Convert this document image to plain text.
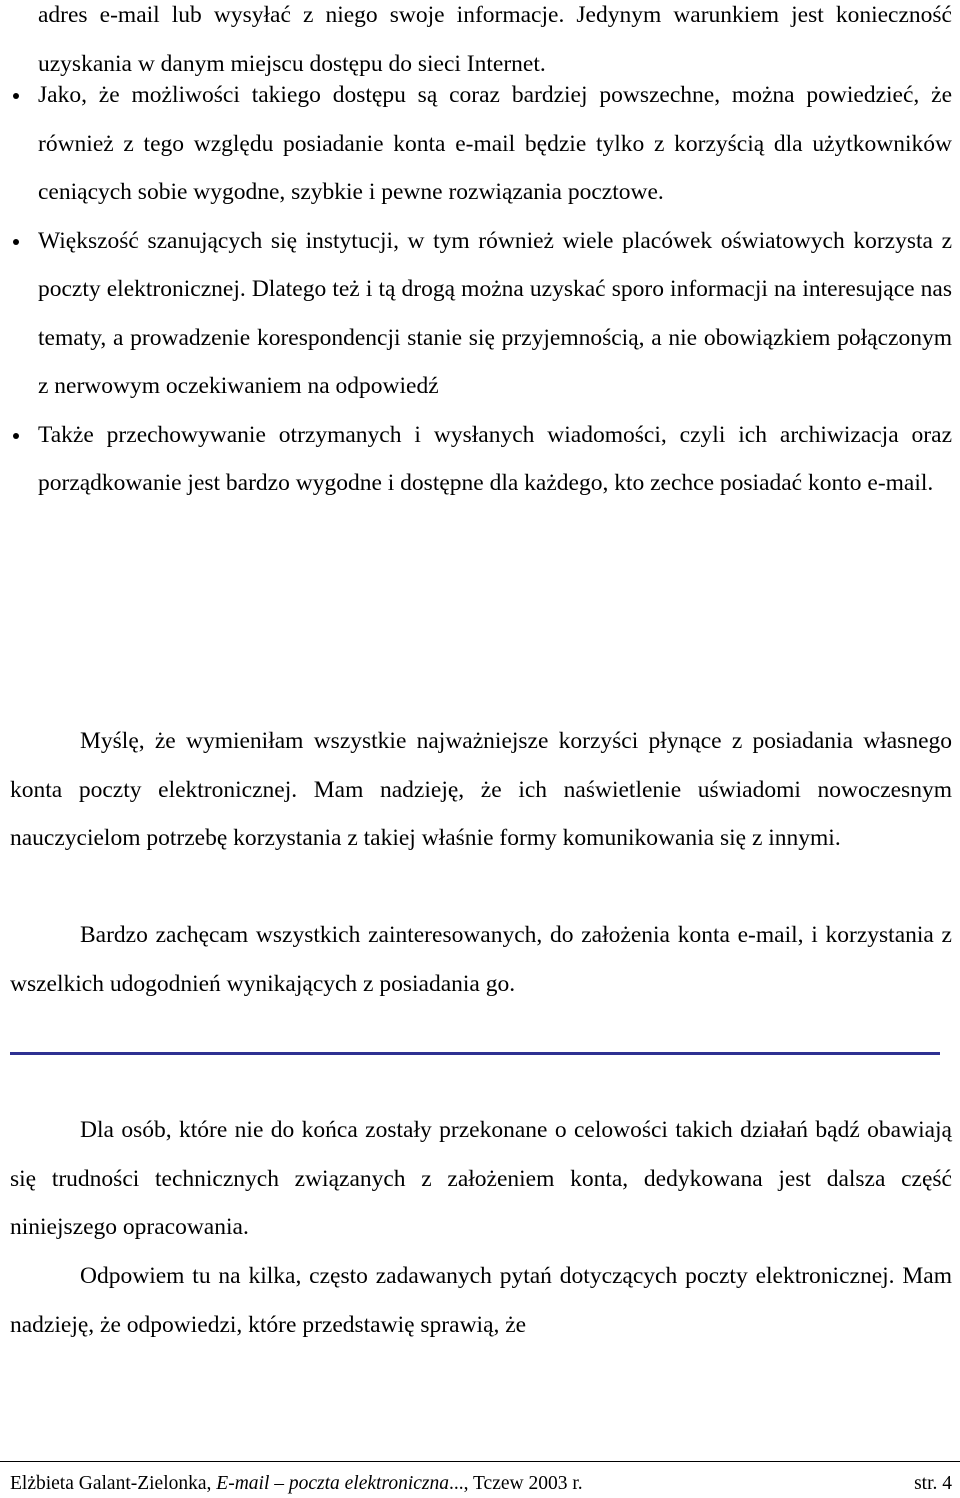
adres e-mail lub wysyłać z niego swoje informacje. Jedynym warunkiem jest konieczność uzyskania w danym miejscu dostępu do sieci Internet.

Jako, że możliwości takiego dostępu są coraz bardziej powszechne, można powiedzieć, że również z tego względu posiadanie konta e-mail będzie tylko z korzyścią dla użytkowników ceniących sobie wygodne, szybkie i pewne rozwiązania pocztowe.

Większość szanujących się instytucji, w tym również wiele placówek oświatowych korzysta z poczty elektronicznej. Dlatego też i tą drogą można uzyskać sporo informacji na interesujące nas tematy, a prowadzenie korespondencji stanie się przyjemnością, a nie obowiązkiem połączonym z nerwowym oczekiwaniem na odpowiedź

Także przechowywanie otrzymanych i wysłanych wiadomości, czyli ich archiwizacja oraz porządkowanie jest bardzo wygodne i dostępne dla każdego, kto zechce posiadać konto e-mail.

Myślę, że wymieniłam wszystkie najważniejsze korzyści płynące z posiadania własnego konta poczty elektronicznej. Mam nadzieję, że ich naświetlenie uświadomi nowoczesnym nauczycielom potrzebę korzystania z takiej właśnie formy komunikowania się z innymi.

Bardzo zachęcam wszystkich zainteresowanych, do założenia konta e-mail, i korzystania z wszelkich udogodnień wynikających z posiadania go.

Dla osób, które nie do końca zostały przekonane o celowości takich działań bądź obawiają się trudności technicznych związanych z założeniem konta, dedykowana jest dalsza część niniejszego opracowania.

Odpowiem tu na kilka, często zadawanych pytań dotyczących poczty elektronicznej. Mam nadzieję, że odpowiedzi, które przedstawię sprawią, że

Elżbieta Galant-Zielonka, E-mail – poczta elektroniczna..., Tczew 2003 r.	str. 4
